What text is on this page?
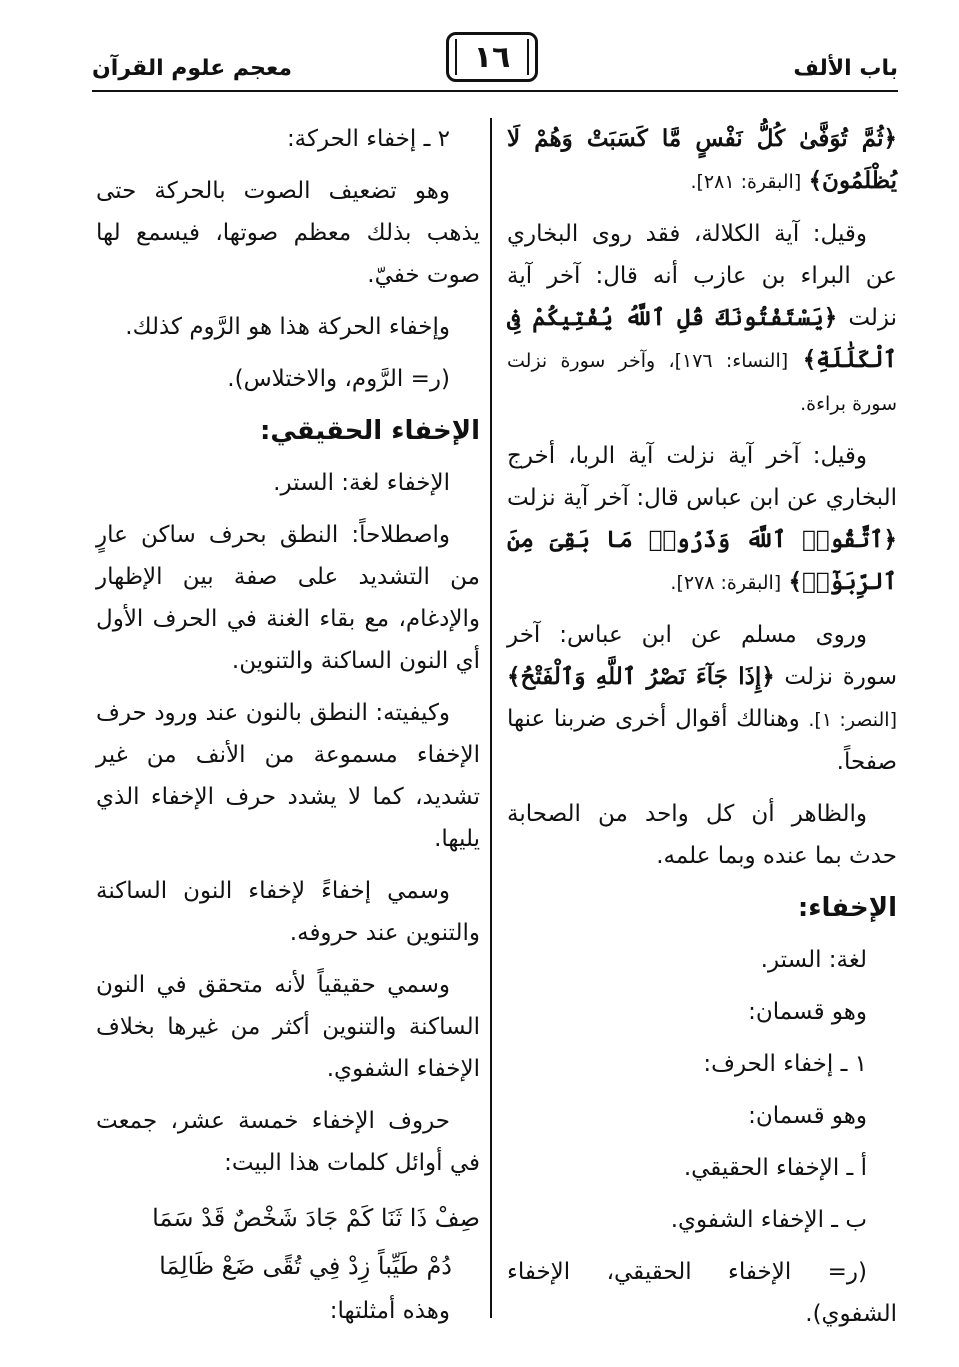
باب الألف
١٦
معجم علوم القرآن

﴿ثُمَّ تُوَفَّىٰ كُلُّ نَفْسٍ مَّا كَسَبَتْ وَهُمْ لَا يُظْلَمُونَ﴾ [البقرة: ٢٨١].

وقيل: آية الكلالة، فقد روى البخاري عن البراء بن عازب أنه قال: آخر آية نزلت ﴿يَسْتَفْتُونَكَ قُلِ ٱللَّهُ يُفْتِيكُمْ فِى ٱلْكَلَٰلَةِ﴾ [النساء: ١٧٦]، وآخر سورة نزلت سورة براءة.

وقيل: آخر آية نزلت آية الربا، أخرج البخاري عن ابن عباس قال: آخر آية نزلت ﴿ٱتَّقُوا۟ ٱللَّهَ وَذَرُوا۟ مَا بَقِىَ مِنَ ٱلرِّبَوٰٓا۟﴾ [البقرة: ٢٧٨].

وروى مسلم عن ابن عباس: آخر سورة نزلت ﴿إِذَا جَآءَ نَصْرُ ٱللَّهِ وَٱلْفَتْحُ﴾ [النصر: ١]. وهنالك أقوال أخرى ضربنا عنها صفحاً.

والظاهر أن كل واحد من الصحابة حدث بما عنده وبما علمه.

الإخفاء:

لغة: الستر.

وهو قسمان:

١ ـ إخفاء الحرف:

وهو قسمان:

أ ـ الإخفاء الحقيقي.

ب ـ الإخفاء الشفوي.

(ر= الإخفاء الحقيقي، الإخفاء الشفوي).

٢ ـ إخفاء الحركة:

وهو تضعيف الصوت بالحركة حتى يذهب بذلك معظم صوتها، فيسمع لها صوت خفيّ.

وإخفاء الحركة هذا هو الرَّوم كذلك.

(ر= الرَّوم، والاختلاس).

الإخفاء الحقيقي:

الإخفاء لغة: الستر.

واصطلاحاً: النطق بحرف ساكن عارٍ من التشديد على صفة بين الإظهار والإدغام، مع بقاء الغنة في الحرف الأول أي النون الساكنة والتنوين.

وكيفيته: النطق بالنون عند ورود حرف الإخفاء مسموعة من الأنف من غير تشديد، كما لا يشدد حرف الإخفاء الذي يليها.

وسمي إخفاءً لإخفاء النون الساكنة والتنوين عند حروفه.

وسمي حقيقياً لأنه متحقق في النون الساكنة والتنوين أكثر من غيرها بخلاف الإخفاء الشفوي.

حروف الإخفاء خمسة عشر، جمعت في أوائل كلمات هذا البيت:

صِفْ ذَا ثَنَا كَمْ جَادَ شَخْصٌ قَدْ سَمَا

دُمْ طَيِّباً زِدْ فِي تُقًى ضَعْ ظَالِمَا

وهذه أمثلتها:
